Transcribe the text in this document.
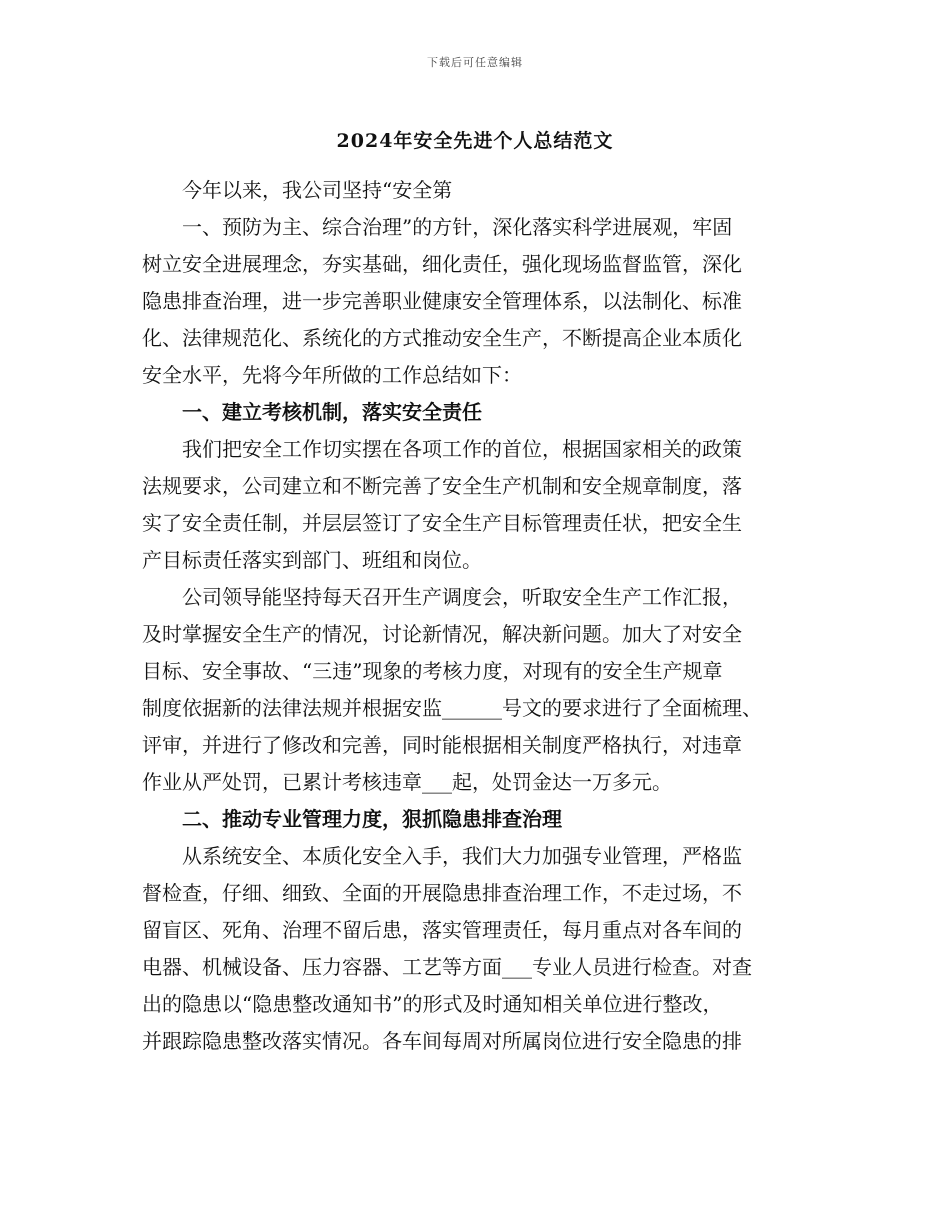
下载后可任意编辑
2024年安全先进个人总结范文

今年以来，我公司坚持“安全第

一、预防为主、综合治理”的方针，深化落实科学进展观，牢固
树立安全进展理念，夯实基础，细化责任，强化现场监督监管，深化
隐患排查治理，进一步完善职业健康安全管理体系，以法制化、标准
化、法律规范化、系统化的方式推动安全生产，不断提高企业本质化
安全水平，先将今年所做的工作总结如下：

一、建立考核机制，落实安全责任

我们把安全工作切实摆在各项工作的首位，根据国家相关的政策
法规要求，公司建立和不断完善了安全生产机制和安全规章制度，落
实了安全责任制，并层层签订了安全生产目标管理责任状，把安全生
产目标责任落实到部门、班组和岗位。
公司领导能坚持每天召开生产调度会，听取安全生产工作汇报，
及时掌握安全生产的情况，讨论新情况，解决新问题。加大了对安全
目标、安全事故、“三违”现象的考核力度，对现有的安全生产规章
制度依据新的法律法规并根据安监______号文的要求进行了全面梳理、
评审，并进行了修改和完善，同时能根据相关制度严格执行，对违章
作业从严处罚，已累计考核违章___起，处罚金达一万多元。

二、推动专业管理力度，狠抓隐患排查治理

从系统安全、本质化安全入手，我们大力加强专业管理，严格监
督检查，仔细、细致、全面的开展隐患排查治理工作，不走过场，不
留盲区、死角、治理不留后患，落实管理责任，每月重点对各车间的
电器、机械设备、压力容器、工艺等方面___专业人员进行检查。对查
出的隐患以“隐患整改通知书”的形式及时通知相关单位进行整改，
并跟踪隐患整改落实情况。各车间每周对所属岗位进行安全隐患的排
